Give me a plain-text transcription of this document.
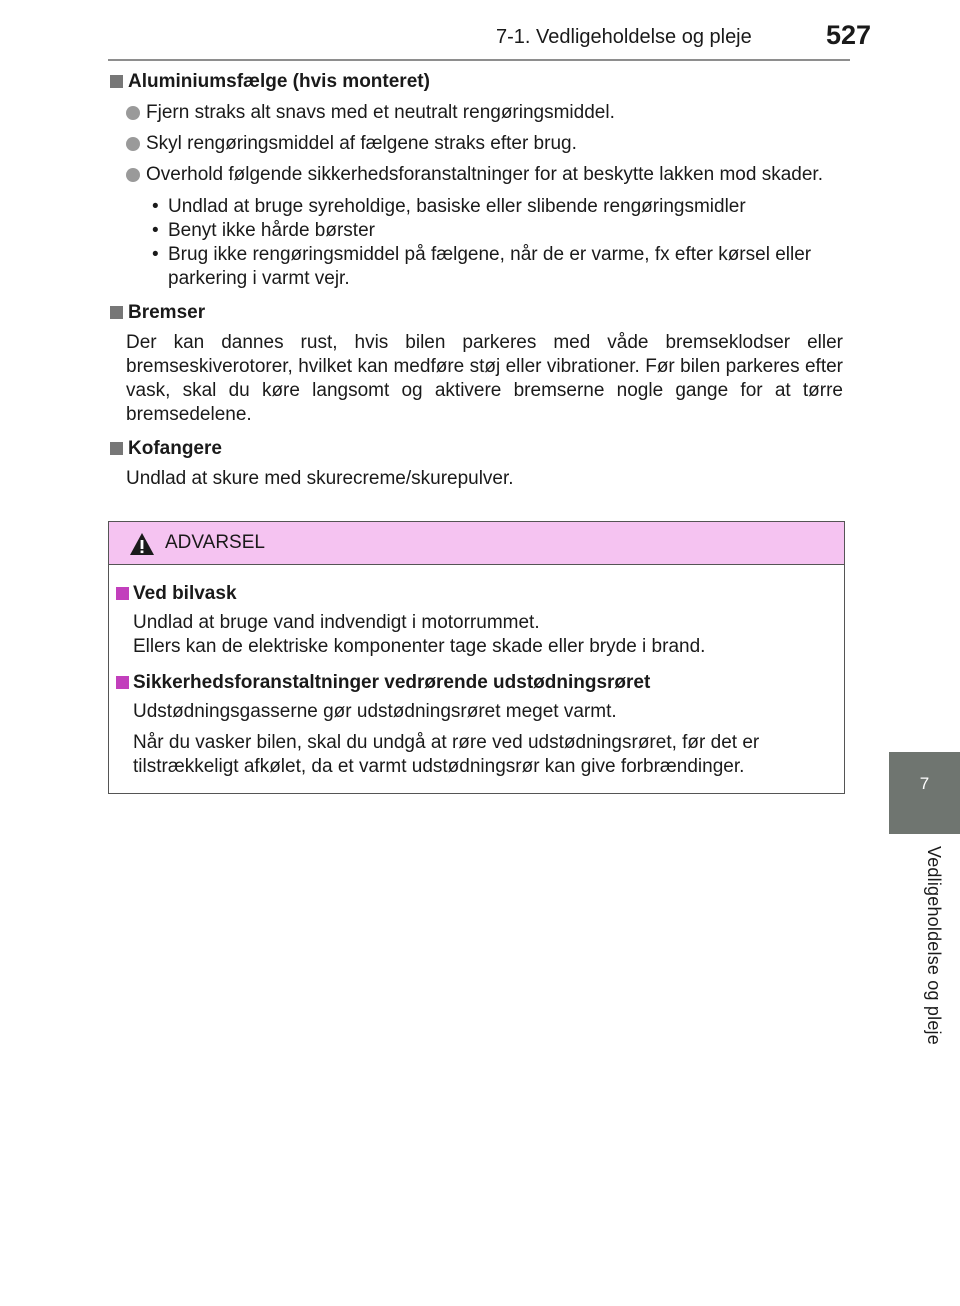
7-1. Vedligeholdelse og pleje	527
7
Vedligeholdelse og pleje
Aluminiumsfælge (hvis monteret)
Fjern straks alt snavs med et neutralt rengøringsmiddel.
Skyl rengøringsmiddel af fælgene straks efter brug.
Overhold følgende sikkerhedsforanstaltninger for at beskytte lakken mod skader.
• Undlad at bruge syreholdige, basiske eller slibende rengøringsmidler
• Benyt ikke hårde børster
• Brug ikke rengøringsmiddel på fælgene, når de er varme, fx efter kørsel eller parkering i varmt vejr.
Bremser
Der kan dannes rust, hvis bilen parkeres med våde bremseklodser eller bremseskiverotorer, hvilket kan medføre støj eller vibrationer. Før bilen parkeres efter vask, skal du køre langsomt og aktivere bremserne nogle gange for at tørre bremsedelene.
Kofangere
Undlad at skure med skurecreme/skurepulver.
ADVARSEL
Ved bilvask
Undlad at bruge vand indvendigt i motorrummet.
Ellers kan de elektriske komponenter tage skade eller bryde i brand.
Sikkerhedsforanstaltninger vedrørende udstødningsrøret
Udstødningsgasserne gør udstødningsrøret meget varmt.
Når du vasker bilen, skal du undgå at røre ved udstødningsrøret, før det er tilstrækkeligt afkølet, da et varmt udstødningsrør kan give forbrændinger.
